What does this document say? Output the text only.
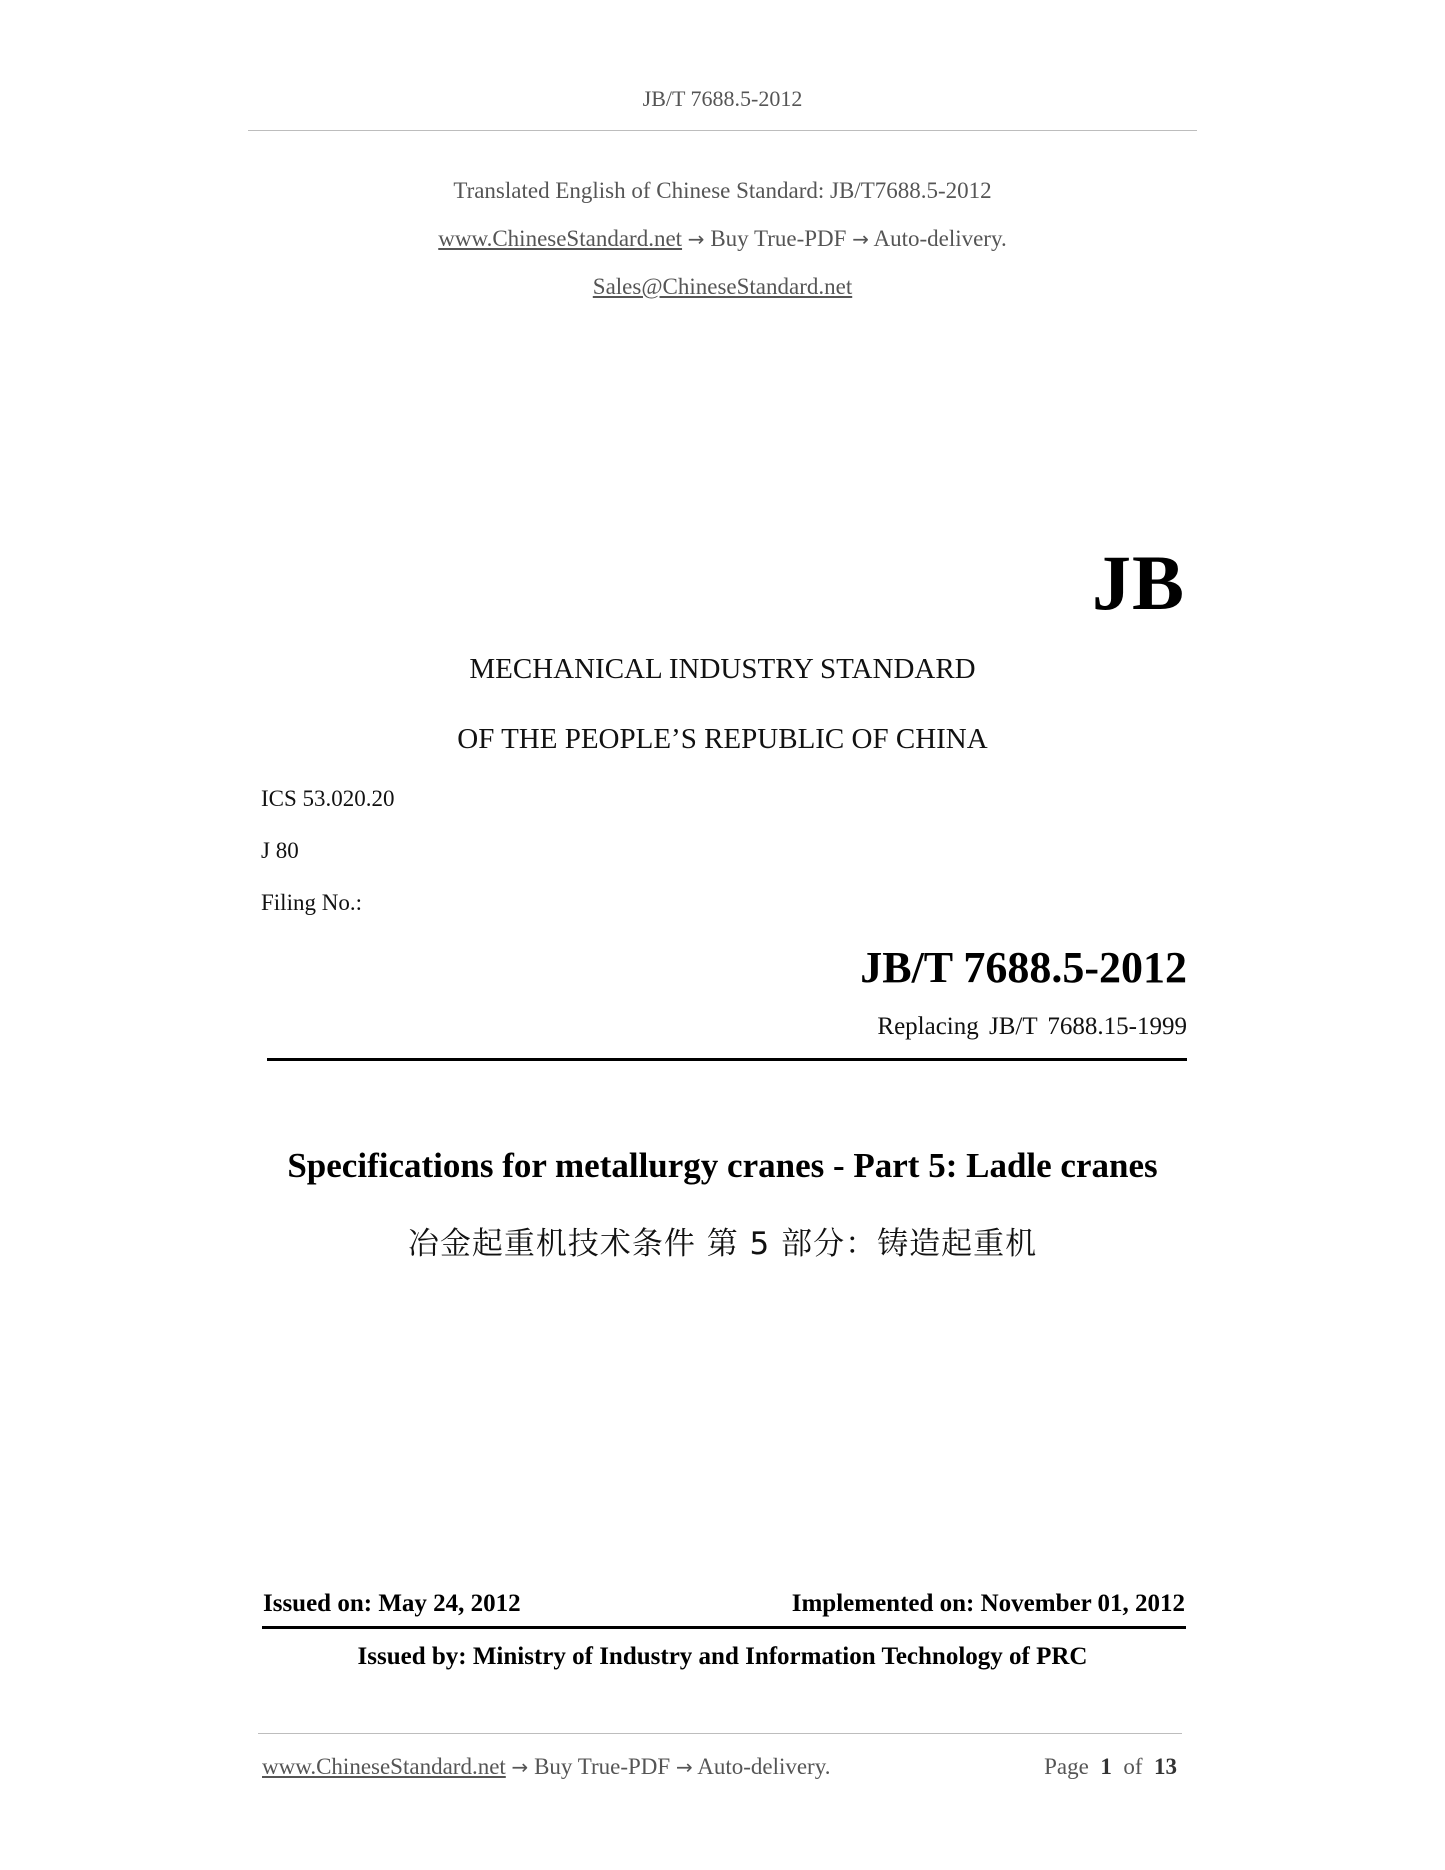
JB/T 7688.5-2012
Translated English of Chinese Standard: JB/T7688.5-2012
www.ChineseStandard.net → Buy True-PDF → Auto-delivery.
Sales@ChineseStandard.net
JB
MECHANICAL INDUSTRY STANDARD
OF THE PEOPLE’S REPUBLIC OF CHINA
ICS 53.020.20
J 80
Filing No.:
JB/T 7688.5-2012
Replacing JB/T 7688.15-1999
Specifications for metallurgy cranes - Part 5: Ladle cranes
冶金起重机技术条件 第 5 部分：铸造起重机
Issued on: May 24, 2012	Implemented on: November 01, 2012
Issued by: Ministry of Industry and Information Technology of PRC
www.ChineseStandard.net → Buy True-PDF → Auto-delivery.	Page 1 of 13
